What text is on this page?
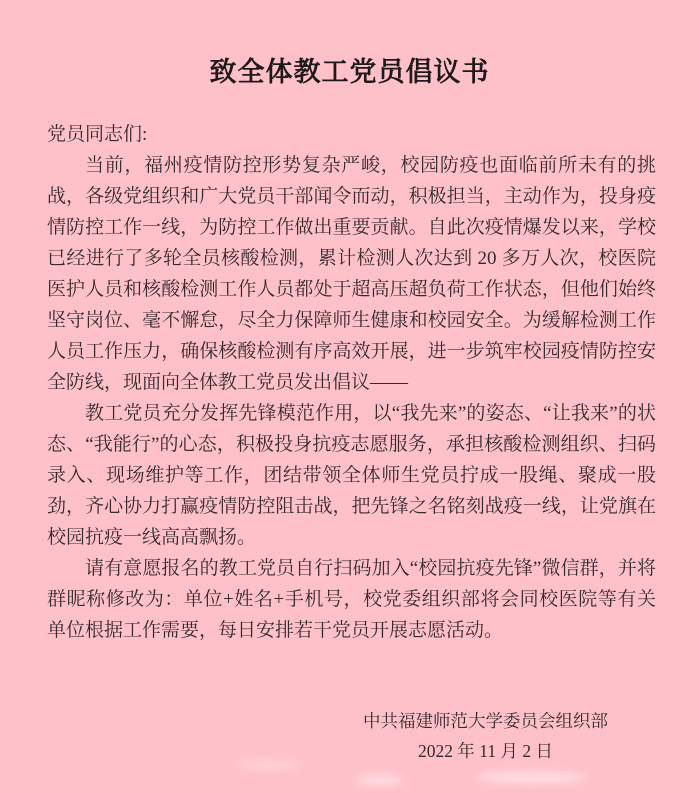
致全体教工党员倡议书

党员同志们:

当前，福州疫情防控形势复杂严峻，校园防疫也面临前所未有的挑战，各级党组织和广大党员干部闻令而动，积极担当，主动作为，投身疫情防控工作一线，为防控工作做出重要贡献。自此次疫情爆发以来，学校已经进行了多轮全员核酸检测，累计检测人次达到 20 多万人次，校医院医护人员和核酸检测工作人员都处于超高压超负荷工作状态，但他们始终坚守岗位、毫不懈怠，尽全力保障师生健康和校园安全。为缓解检测工作人员工作压力，确保核酸检测有序高效开展，进一步筑牢校园疫情防控安全防线，现面向全体教工党员发出倡议——

教工党员充分发挥先锋模范作用，以“我先来”的姿态、“让我来”的状态、“我能行”的心态，积极投身抗疫志愿服务，承担核酸检测组织、扫码录入、现场维护等工作，团结带领全体师生党员拧成一股绳、聚成一股劲，齐心协力打赢疫情防控阻击战，把先锋之名铭刻战疫一线，让党旗在校园抗疫一线高高飘扬。

请有意愿报名的教工党员自行扫码加入“校园抗疫先锋”微信群，并将群昵称修改为：单位+姓名+手机号，校党委组织部将会同校医院等有关单位根据工作需要，每日安排若干党员开展志愿活动。

中共福建师范大学委员会组织部

2022 年 11 月 2 日
